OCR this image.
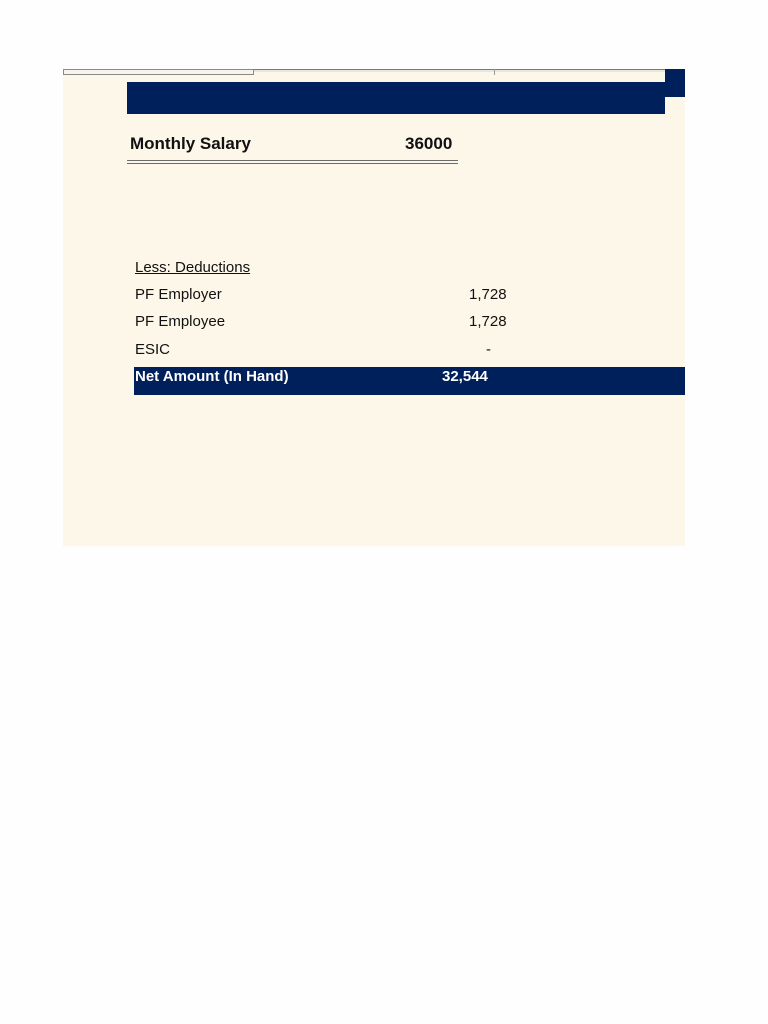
Monthly Salary	36000
Less: Deductions
PF Employer	1,728
PF Employee	1,728
ESIC	-
Net Amount (In Hand)	32,544
